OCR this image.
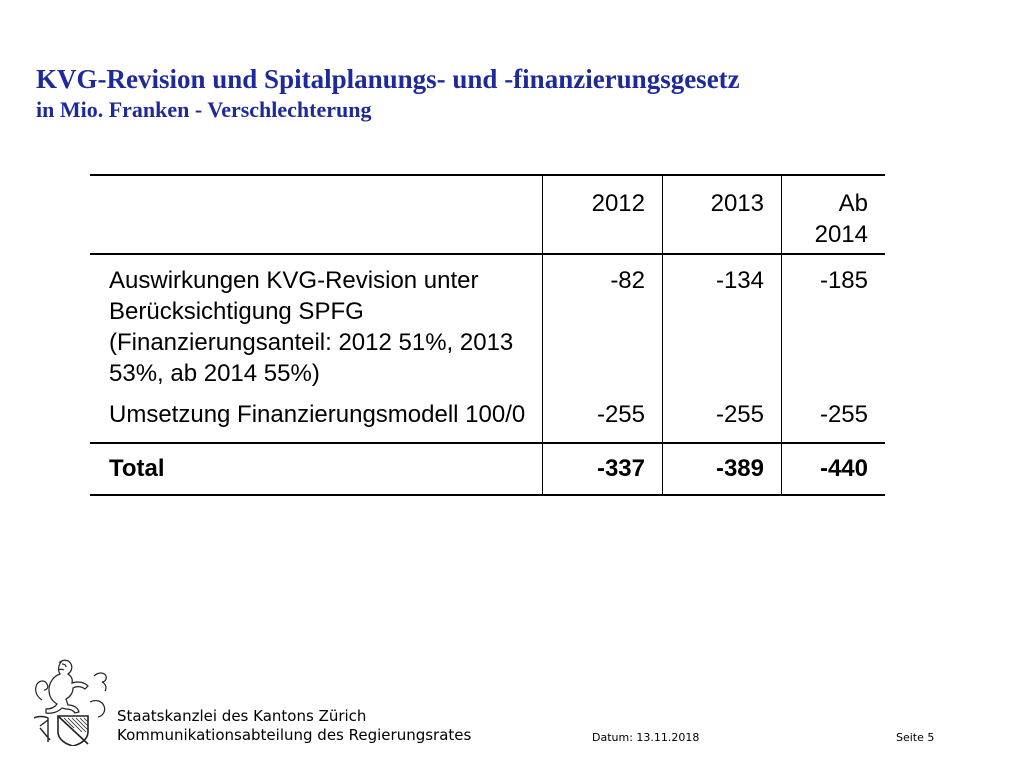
KVG-Revision und Spitalplanungs- und -finanzierungsgesetz
in Mio. Franken - Verschlechterung
	2012	2013	Ab 2014
Auswirkungen KVG-Revision unter Berücksichtigung SPFG (Finanzierungsanteil: 2012 51%, 2013 53%, ab 2014 55%)	-82	-134	-185
Umsetzung Finanzierungsmodell 100/0	-255	-255	-255
Total	-337	-389	-440
Staatskanzlei des Kantons Zürich
Kommunikationsabteilung des Regierungsrates	Datum: 13.11.2018	Seite 5
